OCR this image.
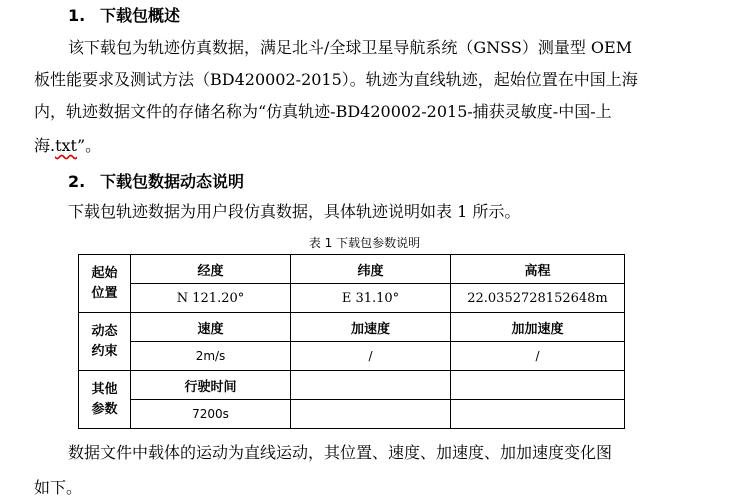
1. 下载包概述
该下载包为轨迹仿真数据，满足北斗/全球卫星导航系统（GNSS）测量型 OEM
板性能要求及测试方法（BD420002-2015）。轨迹为直线轨迹，起始位置在中国上海
内，轨迹数据文件的存储名称为“仿真轨迹-BD420002-2015-捕获灵敏度-中国-上
海.txt”。
2. 下载包数据动态说明
下载包轨迹数据为用户段仿真数据，具体轨迹说明如表 1 所示。
表 1 下载包参数说明
起始
位置	经度	纬度	高程
	N 121.20°	E 31.10°	22.035272815264​8m
动态
约束	速度	加速度	加加速度
	2m/s	/	/
其他
参数	行驶时间		
	7200s		
数据文件中载体的运动为直线运动，其位置、速度、加速度、加加速度变化图
如下。
